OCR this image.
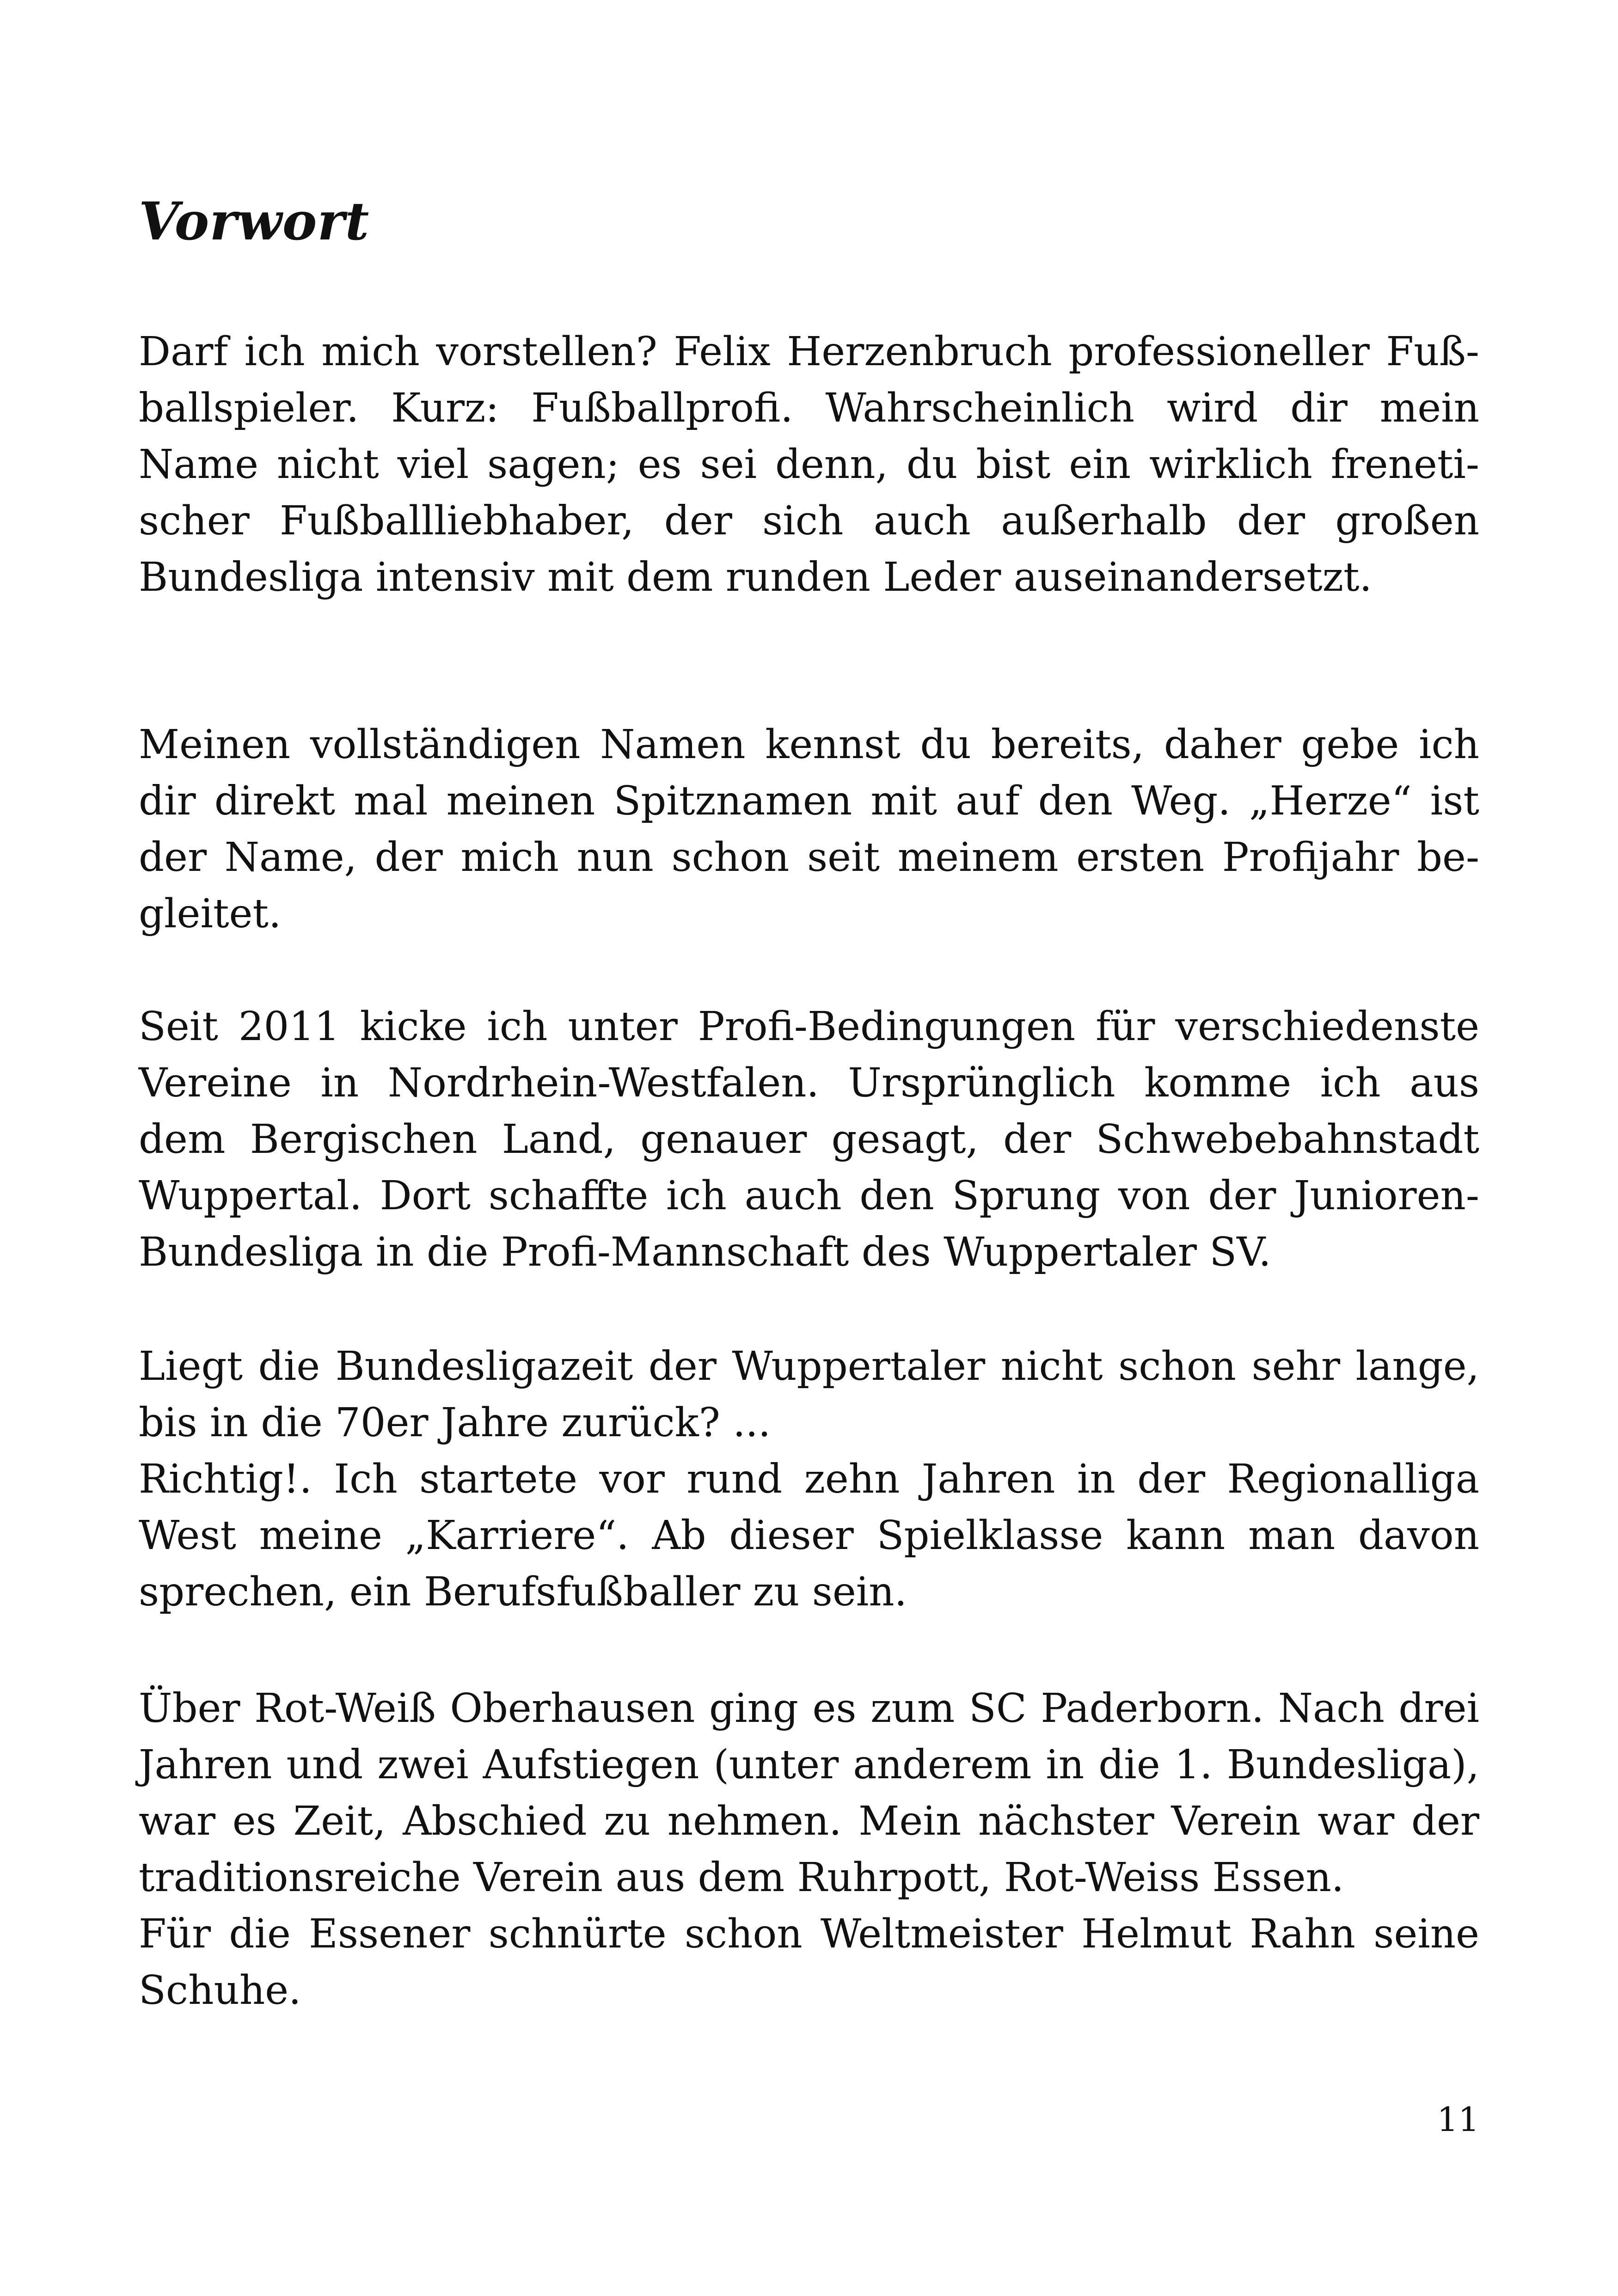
Vorwort
Darf ich mich vorstellen? Felix Herzenbruch professioneller Fuß-
ballspieler. Kurz: Fußballprofi. Wahrscheinlich wird dir mein
Name nicht viel sagen; es sei denn, du bist ein wirklich freneti-
scher Fußballliebhaber, der sich auch außerhalb der großen
Bundesliga intensiv mit dem runden Leder auseinandersetzt.
Meinen vollständigen Namen kennst du bereits, daher gebe ich
dir direkt mal meinen Spitznamen mit auf den Weg. „Herze“ ist
der Name, der mich nun schon seit meinem ersten Profijahr be-
gleitet.
Seit 2011 kicke ich unter Profi-Bedingungen für verschiedenste
Vereine in Nordrhein-Westfalen. Ursprünglich komme ich aus
dem Bergischen Land, genauer gesagt, der Schwebebahnstadt
Wuppertal. Dort schaffte ich auch den Sprung von der Junioren-
Bundesliga in die Profi-Mannschaft des Wuppertaler SV.
Liegt die Bundesligazeit der Wuppertaler nicht schon sehr lange,
bis in die 70er Jahre zurück? ...
Richtig!. Ich startete vor rund zehn Jahren in der Regionalliga
West meine „Karriere“. Ab dieser Spielklasse kann man davon
sprechen, ein Berufsfußballer zu sein.
Über Rot-Weiß Oberhausen ging es zum SC Paderborn. Nach drei
Jahren und zwei Aufstiegen (unter anderem in die 1. Bundesliga),
war es Zeit, Abschied zu nehmen. Mein nächster Verein war der
traditionsreiche Verein aus dem Ruhrpott, Rot-Weiss Essen.
Für die Essener schnürte schon Weltmeister Helmut Rahn seine
Schuhe.
11
